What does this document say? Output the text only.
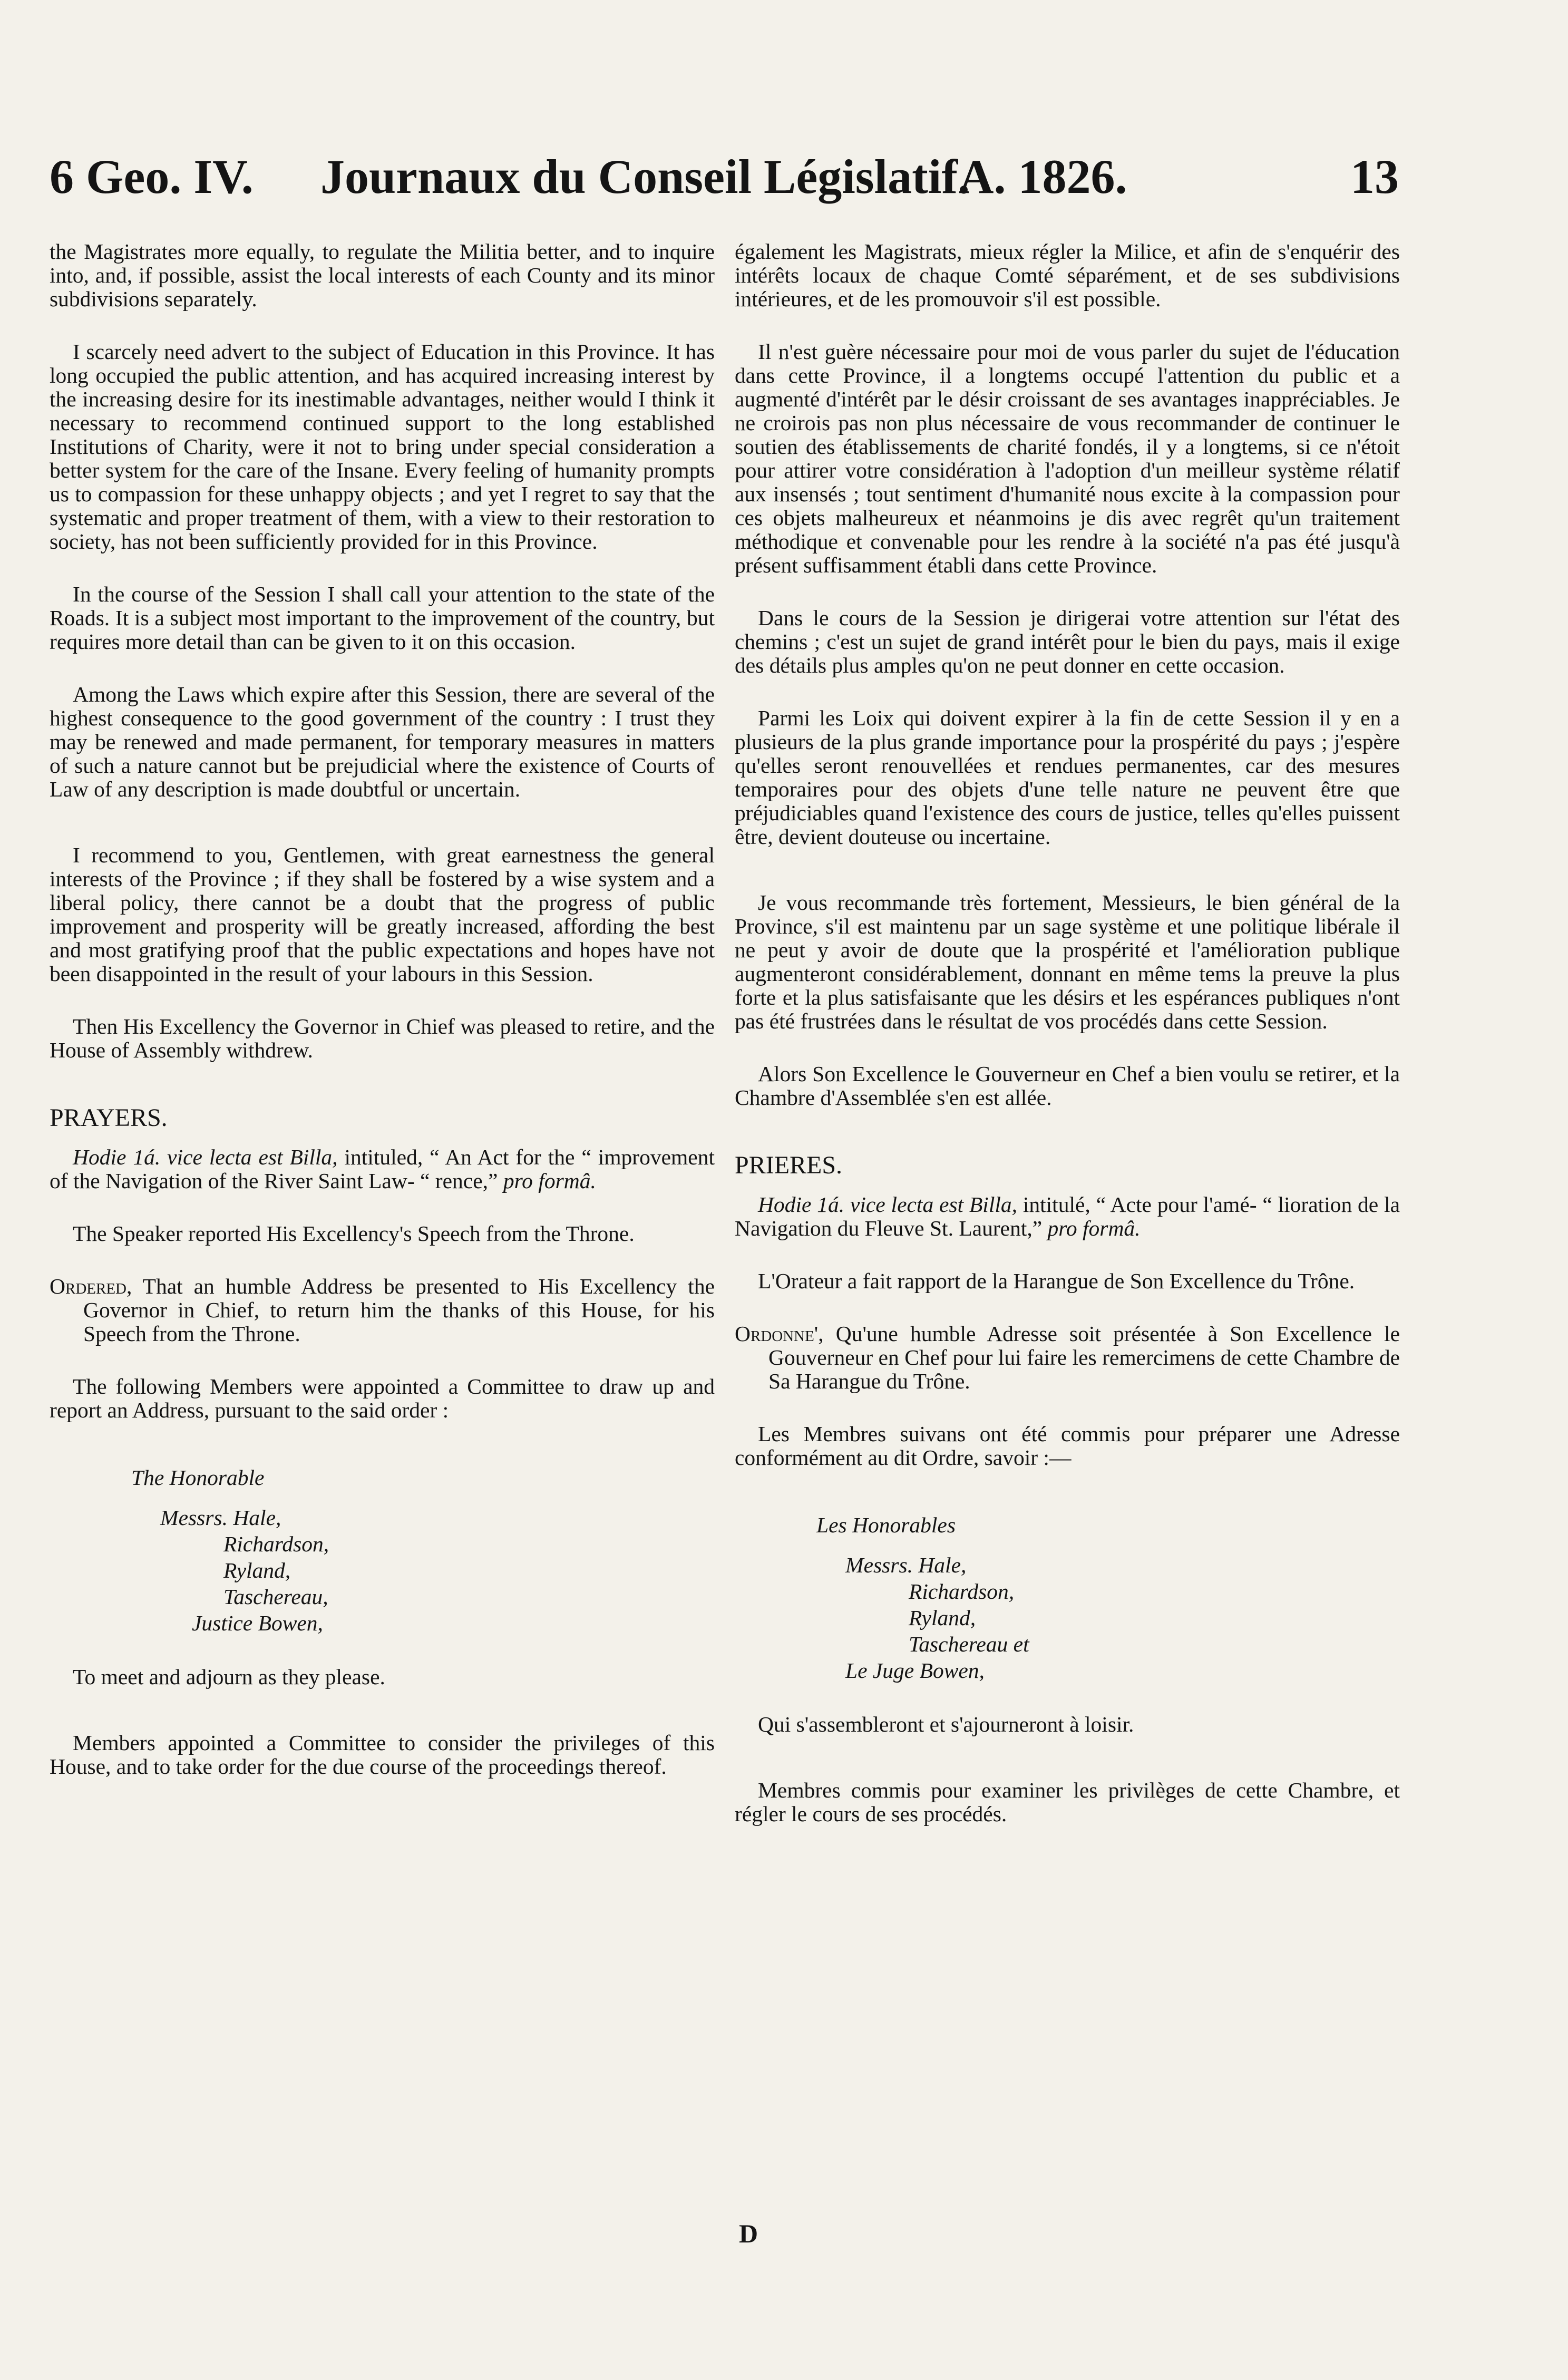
6 Geo. IV. Journaux du Conseil Législatif.
A. 1826.	13

the Magistrates more equally, to regulate the Militia better, and to inquire into, and, if possible, assist the local interests of each County and its minor subdivisions separately.

I scarcely need advert to the subject of Education in this Province. It has long occupied the public attention, and has acquired increasing interest by the increasing desire for its inestimable advantages, neither would I think it necessary to recommend continued support to the long established Institutions of Charity, were it not to bring under special consideration a better system for the care of the Insane. Every feeling of humanity prompts us to compassion for these unhappy objects ; and yet I regret to say that the systematic and proper treatment of them, with a view to their restoration to society, has not been sufficiently provided for in this Province.

In the course of the Session I shall call your attention to the state of the Roads. It is a subject most important to the improvement of the country, but requires more detail than can be given to it on this occasion.

Among the Laws which expire after this Session, there are several of the highest consequence to the good government of the country : I trust they may be renewed and made permanent, for temporary measures in matters of such a nature cannot but be prejudicial where the existence of Courts of Law of any description is made doubtful or uncertain.

I recommend to you, Gentlemen, with great earnestness the general interests of the Province ; if they shall be fostered by a wise system and a liberal policy, there cannot be a doubt that the progress of public improvement and prosperity will be greatly increased, affording the best and most gratifying proof that the public expectations and hopes have not been disappointed in the result of your labours in this Session.

Then His Excellency the Governor in Chief was pleased to retire, and the House of Assembly withdrew.

PRAYERS.

Hodie 1á. vice lecta est Billa, intituled, “ An Act for the “ improvement of the Navigation of the River Saint Law- “ rence,” pro formâ.

The Speaker reported His Excellency's Speech from the Throne.

Ordered, That an humble Address be presented to His Excellency the Governor in Chief, to return him the thanks of this House, for his Speech from the Throne.

The following Members were appointed a Committee to draw up and report an Address, pursuant to the said order :

The Honorable
Messrs. Hale,
Richardson,
Ryland,
Taschereau,
Justice Bowen,

To meet and adjourn as they please.

Members appointed a Committee to consider the privileges of this House, and to take order for the due course of the proceedings thereof.

également les Magistrats, mieux régler la Milice, et afin de s'enquérir des intérêts locaux de chaque Comté séparément, et de ses subdivisions intérieures, et de les promouvoir s'il est possible.

Il n'est guère nécessaire pour moi de vous parler du sujet de l'éducation dans cette Province, il a longtems occupé l'attention du public et a augmenté d'intérêt par le désir croissant de ses avantages inappréciables. Je ne croirois pas non plus nécessaire de vous recommander de continuer le soutien des établissements de charité fondés, il y a longtems, si ce n'étoit pour attirer votre considération à l'adoption d'un meilleur système rélatif aux insensés ; tout sentiment d'humanité nous excite à la compassion pour ces objets malheureux et néanmoins je dis avec regrêt qu'un traitement méthodique et convenable pour les rendre à la société n'a pas été jusqu'à présent suffisamment établi dans cette Province.

Dans le cours de la Session je dirigerai votre attention sur l'état des chemins ; c'est un sujet de grand intérêt pour le bien du pays, mais il exige des détails plus amples qu'on ne peut donner en cette occasion.

Parmi les Loix qui doivent expirer à la fin de cette Session il y en a plusieurs de la plus grande importance pour la prospérité du pays ; j'espère qu'elles seront renouvellées et rendues permanentes, car des mesures temporaires pour des objets d'une telle nature ne peuvent être que préjudiciables quand l'existence des cours de justice, telles qu'elles puissent être, devient douteuse ou incertaine.

Je vous recommande très fortement, Messieurs, le bien général de la Province, s'il est maintenu par un sage système et une politique libérale il ne peut y avoir de doute que la prospérité et l'amélioration publique augmenteront considérablement, donnant en même tems la preuve la plus forte et la plus satisfaisante que les désirs et les espérances publiques n'ont pas été frustrées dans le résultat de vos procédés dans cette Session.

Alors Son Excellence le Gouverneur en Chef a bien voulu se retirer, et la Chambre d'Assemblée s'en est allée.

PRIERES.

Hodie 1á. vice lecta est Billa, intitulé, “ Acte pour l'amé- “ lioration de la Navigation du Fleuve St. Laurent,” pro formâ.

L'Orateur a fait rapport de la Harangue de Son Excellence du Trône.

Ordonne', Qu'une humble Adresse soit présentée à Son Excellence le Gouverneur en Chef pour lui faire les remercimens de cette Chambre de Sa Harangue du Trône.

Les Membres suivans ont été commis pour préparer une Adresse conformément au dit Ordre, savoir :—

Les Honorables
Messrs. Hale,
Richardson,
Ryland,
Taschereau et
Le Juge Bowen,

Qui s'assembleront et s'ajourneront à loisir.

Membres commis pour examiner les privilèges de cette Chambre, et régler le cours de ses procédés.

D
